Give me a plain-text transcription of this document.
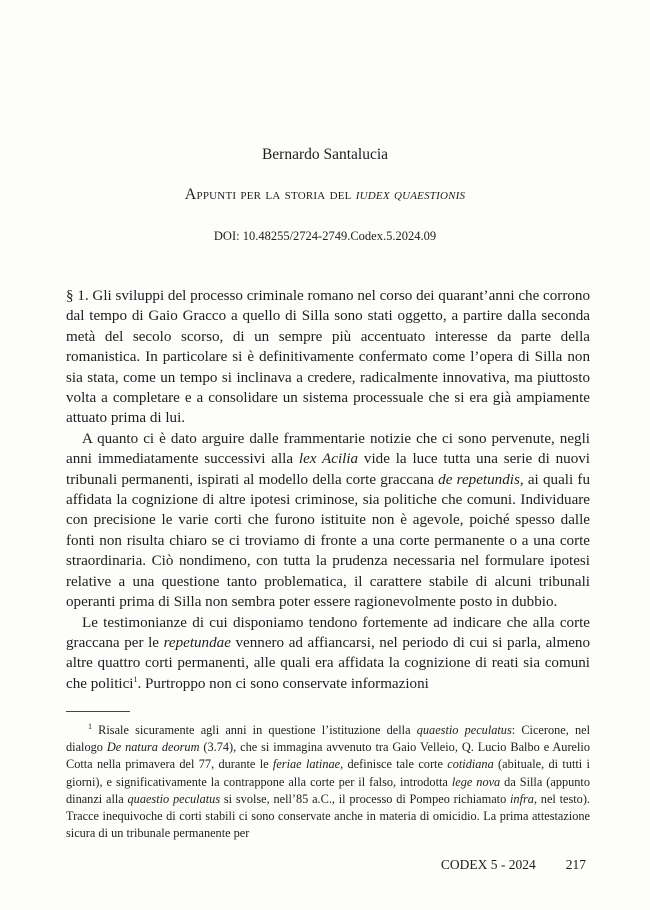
Bernardo Santalucia
Appunti per la storia del iudex quaestionis
DOI: 10.48255/2724-2749.Codex.5.2024.09

§ 1. Gli sviluppi del processo criminale romano nel corso dei quarant’anni che corrono dal tempo di Gaio Gracco a quello di Silla sono stati oggetto, a partire dalla seconda metà del secolo scorso, di un sempre più accentuato interesse da parte della romanistica. In particolare si è definitivamente confermato come l’opera di Silla non sia stata, come un tempo si inclinava a credere, radicalmente innovativa, ma piuttosto volta a completare e a consolidare un sistema processuale che si era già ampiamente attuato prima di lui.

A quanto ci è dato arguire dalle frammentarie notizie che ci sono pervenute, negli anni immediatamente successivi alla lex Acilia vide la luce tutta una serie di nuovi tribunali permanenti, ispirati al modello della corte graccana de repetundis, ai quali fu affidata la cognizione di altre ipotesi criminose, sia politiche che comuni. Individuare con precisione le varie corti che furono istituite non è agevole, poiché spesso dalle fonti non risulta chiaro se ci troviamo di fronte a una corte permanente o a una corte straordinaria. Ciò nondimeno, con tutta la prudenza necessaria nel formulare ipotesi relative a una questione tanto problematica, il carattere stabile di alcuni tribunali operanti prima di Silla non sembra poter essere ragionevolmente posto in dubbio.

Le testimonianze di cui disponiamo tendono fortemente ad indicare che alla corte graccana per le repetundae vennero ad affiancarsi, nel periodo di cui si parla, almeno altre quattro corti permanenti, alle quali era affidata la cognizione di reati sia comuni che politici$^1$. Purtroppo non ci sono conservate informazioni

$^1$ Risale sicuramente agli anni in questione l’istituzione della quaestio peculatus: Cicerone, nel dialogo De natura deorum (3.74), che si immagina avvenuto tra Gaio Velleio, Q. Lucio Balbo e Aurelio Cotta nella primavera del 77, durante le feriae latinae, definisce tale corte cotidiana (abituale, di tutti i giorni), e significativamente la contrappone alla corte per il falso, introdotta lege nova da Silla (appunto dinanzi alla quaestio peculatus si svolse, nell’85 a.C., il processo di Pompeo richiamato infra, nel testo). Tracce inequivoche di corti stabili ci sono conservate anche in materia di omicidio. La prima attestazione sicura di un tribunale permanente per
CODEX 5 - 2024 217
